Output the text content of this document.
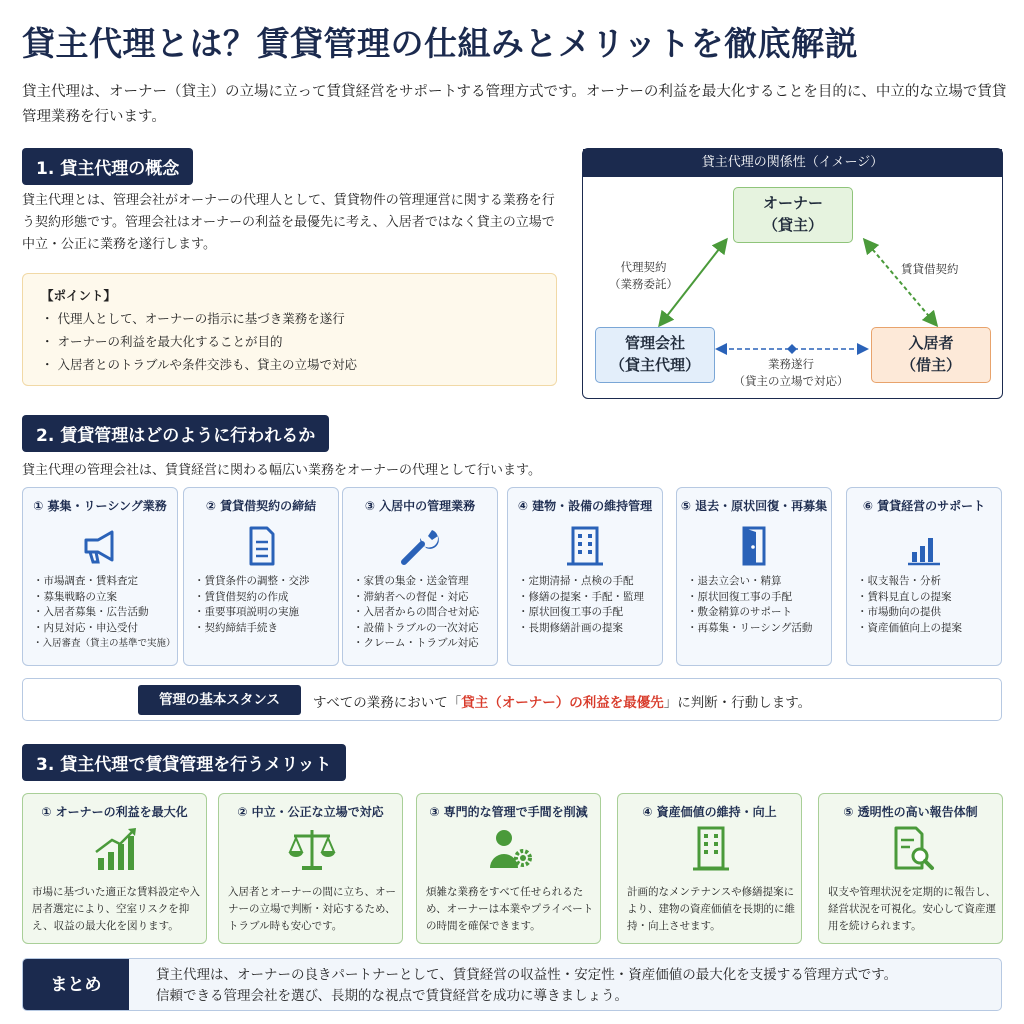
貸主代理とは？賃貸管理の仕組みとメリットを徹底解説
貸主代理は、オーナー（貸主）の立場に立って賃貸経営をサポートする管理方式です。オーナーの利益を最大化することを目的に、中立的な立場で賃貸管理業務を行います。
1. 貸主代理の概念
貸主代理とは、管理会社がオーナーの代理人として、賃貸物件の管理運営に関する業務を行う契約形態です。管理会社はオーナーの利益を最優先に考え、入居者ではなく貸主の立場で中立・公正に業務を遂行します。
【ポイント】
・ 代理人として、オーナーの指示に基づき業務を遂行
・ オーナーの利益を最大化することが目的
・ 入居者とのトラブルや条件交渉も、貸主の立場で対応
貸主代理の関係性（イメージ）
オーナー
（貸主）
管理会社
（貸主代理）
入居者
（借主）
代理契約
（業務委託）
賃貸借契約
業務遂行
（貸主の立場で対応）
2. 賃貸管理はどのように行われるか
貸主代理の管理会社は、賃貸経営に関わる幅広い業務をオーナーの代理として行います。
① 募集・リーシング業務
・ 市場調査・賃料査定
・ 募集戦略の立案
・ 入居者募集・広告活動
・ 内見対応・申込受付
・ 入居審査（貸主の基準で実施）
② 賃貸借契約の締結
・ 賃貸条件の調整・交渉
・ 賃貸借契約の作成
・ 重要事項説明の実施
・ 契約締結手続き
③ 入居中の管理業務
・ 家賃の集金・送金管理
・ 滞納者への督促・対応
・ 入居者からの問合せ対応
・ 設備トラブルの一次対応
・ クレーム・トラブル対応
④ 建物・設備の維持管理
・ 定期清掃・点検の手配
・ 修繕の提案・手配・監理
・ 原状回復工事の手配
・ 長期修繕計画の提案
⑤ 退去・原状回復・再募集
・ 退去立会い・精算
・ 原状回復工事の手配
・ 敷金精算のサポート
・ 再募集・リーシング活動
⑥ 賃貸経営のサポート
・ 収支報告・分析
・ 賃料見直しの提案
・ 市場動向の提供
・ 資産価値向上の提案
管理の基本スタンス	すべての業務において「貸主（オーナー）の利益を最優先」に判断・行動します。
3. 貸主代理で賃貸管理を行うメリット
① オーナーの利益を最大化
市場に基づいた適正な賃料設定や入居者選定により、空室リスクを抑え、収益の最大化を図ります。
② 中立・公正な立場で対応
入居者とオーナーの間に立ち、オーナーの立場で判断・対応するため、トラブル時も安心です。
③ 専門的な管理で手間を削減
煩雑な業務をすべて任せられるため、オーナーは本業やプライベートの時間を確保できます。
④ 資産価値の維持・向上
計画的なメンテナンスや修繕提案により、建物の資産価値を長期的に維持・向上させます。
⑤ 透明性の高い報告体制
収支や管理状況を定期的に報告し、経営状況を可視化。安心して資産運用を続けられます。
まとめ	貸主代理は、オーナーの良きパートナーとして、賃貸経営の収益性・安定性・資産価値の最大化を支援する管理方式です。
信頼できる管理会社を選び、長期的な視点で賃貸経営を成功に導きましょう。
